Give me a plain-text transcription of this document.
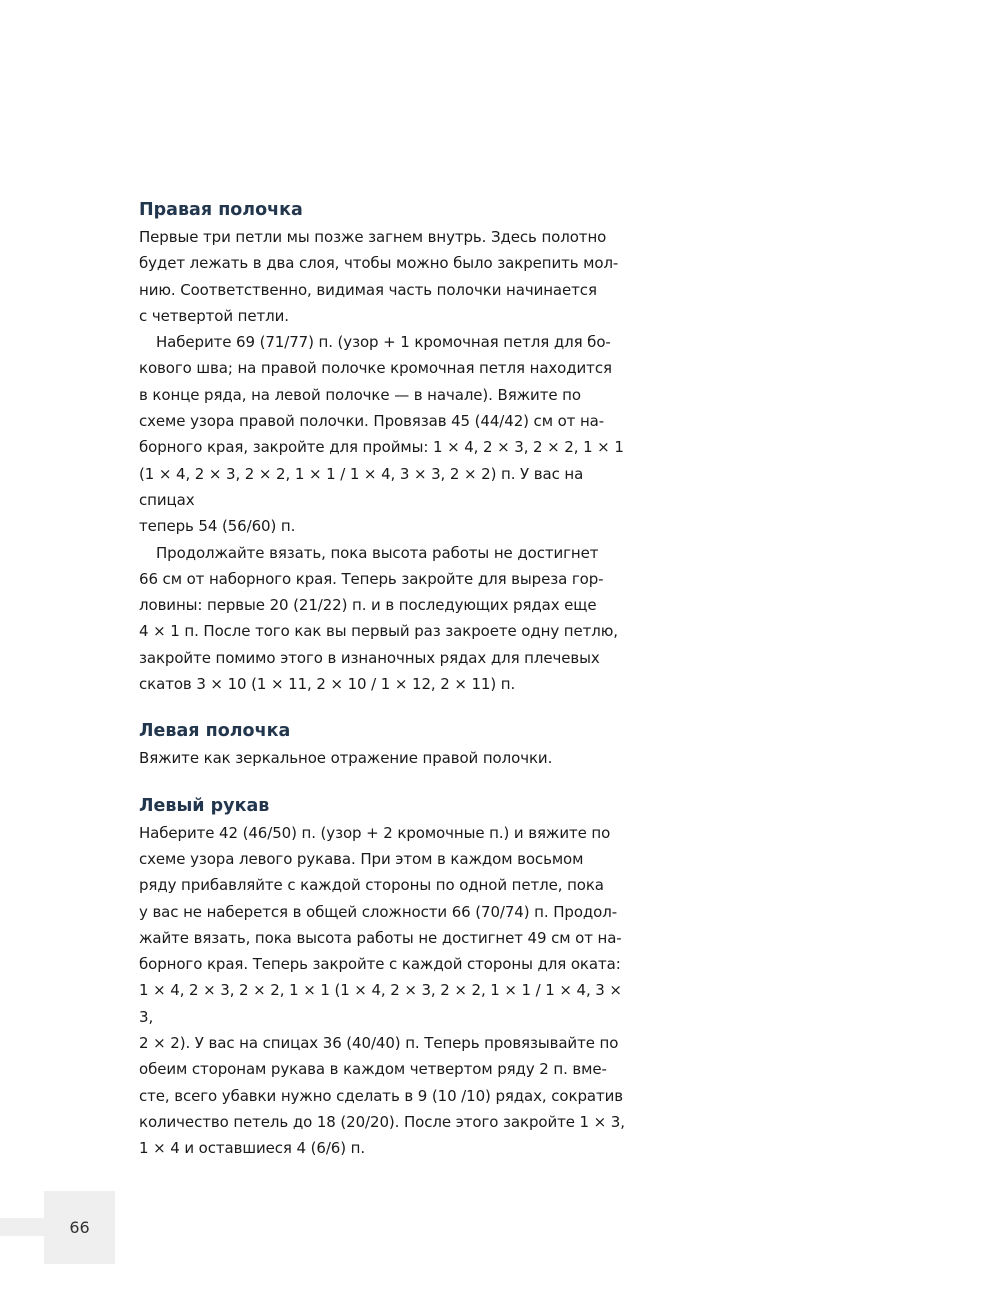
Правая полочка

Первые три петли мы позже загнем внутрь. Здесь полотно
будет лежать в два слоя, чтобы можно было закрепить мол-
нию. Соответственно, видимая часть полочки начинается
с четвертой петли.

Наберите 69 (71/77) п. (узор + 1 кромочная петля для бо-
кового шва; на правой полочке кромочная петля находится
в конце ряда, на левой полочке — в начале). Вяжите по
схеме узора правой полочки. Провязав 45 (44/42) см от на-
борного края, закройте для проймы: 1 × 4, 2 × 3, 2 × 2, 1 × 1
(1 × 4, 2 × 3, 2 × 2, 1 × 1 / 1 × 4, 3 × 3, 2 × 2) п. У вас на спицах
теперь 54 (56/60) п.

Продолжайте вязать, пока высота работы не достигнет
66 см от наборного края. Теперь закройте для выреза гор-
ловины: первые 20 (21/22) п. и в последующих рядах еще
4 × 1 п. После того как вы первый раз закроете одну петлю,
закройте помимо этого в изнаночных рядах для плечевых
скатов 3 × 10 (1 × 11, 2 × 10 / 1 × 12, 2 × 11) п.

Левая полочка

Вяжите как зеркальное отражение правой полочки.

Левый рукав

Наберите 42 (46/50) п. (узор + 2 кромочные п.) и вяжите по
схеме узора левого рукава. При этом в каждом восьмом
ряду прибавляйте с каждой стороны по одной петле, пока
у вас не наберется в общей сложности 66 (70/74) п. Продол-
жайте вязать, пока высота работы не достигнет 49 см от на-
борного края. Теперь закройте с каждой стороны для оката:
1 × 4, 2 × 3, 2 × 2, 1 × 1 (1 × 4, 2 × 3, 2 × 2, 1 × 1 / 1 × 4, 3 × 3,
2 × 2). У вас на спицах 36 (40/40) п. Теперь провязывайте по
обеим сторонам рукава в каждом четвертом ряду 2 п. вме-
сте, всего убавки нужно сделать в 9 (10 /10) рядах, сократив
количество петель до 18 (20/20). После этого закройте 1 × 3,
1 × 4 и оставшиеся 4 (6/6) п.

66
